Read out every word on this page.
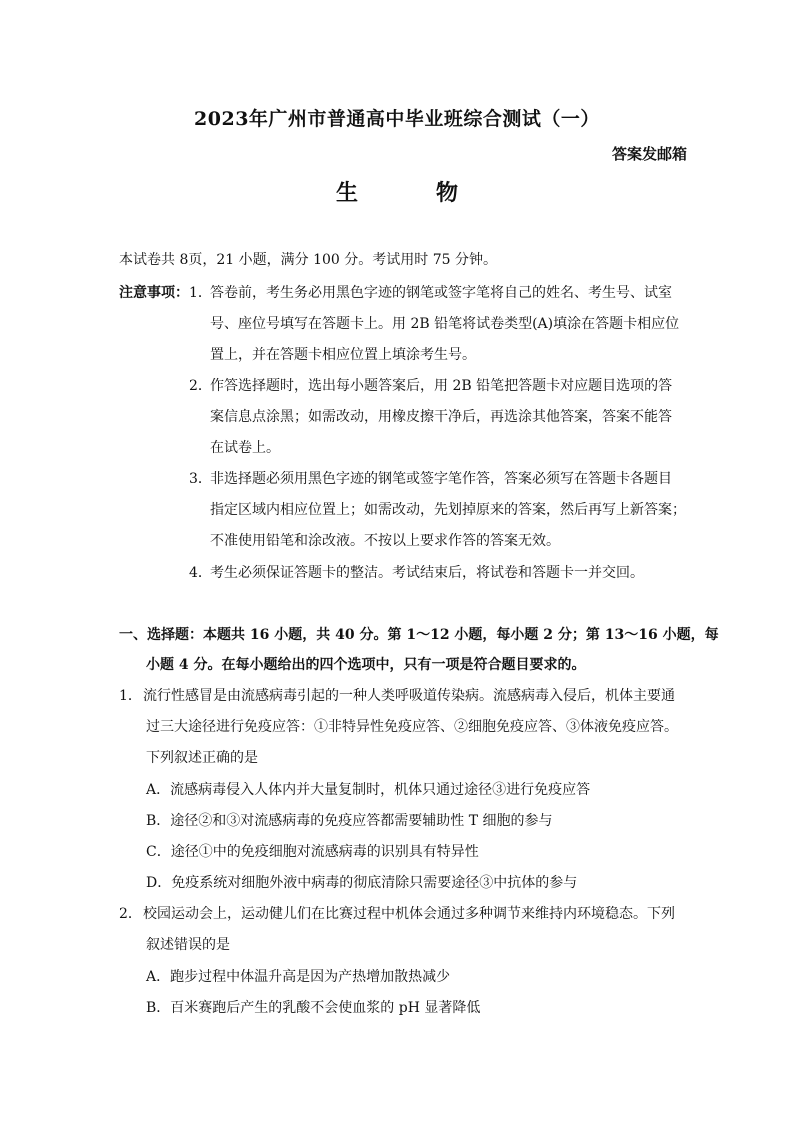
2023年广州市普通高中毕业班综合测试（一）
答案发邮箱
生　物
本试卷共 8页，21 小题，满分 100 分。考试用时 75 分钟。
注意事项： 1．
答卷前，考生务必用黑色字迹的钢笔或签字笔将自己的姓名、考生号、试室
号、座位号填写在答题卡上。用 2B 铅笔将试卷类型(A)填涂在答题卡相应位
置上，并在答题卡相应位置上填涂考生号。
2．
作答选择题时，选出每小题答案后，用 2B 铅笔把答题卡对应题目选项的答
案信息点涂黑；如需改动，用橡皮擦干净后，再选涂其他答案，答案不能答
在试卷上。
3．
非选择题必须用黑色字迹的钢笔或签字笔作答，答案必须写在答题卡各题目
指定区域内相应位置上；如需改动，先划掉原来的答案，然后再写上新答案；
不准使用铅笔和涂改液。不按以上要求作答的答案无效。
4．
考生必须保证答题卡的整洁。考试结束后，将试卷和答题卡一并交回。
一、选择题：本题共 16 小题，共 40 分。第 1～12 小题，每小题 2 分；第 13～16 小题，每
小题 4 分。在每小题给出的四个选项中，只有一项是符合题目要求的。
1． 流行性感冒是由流感病毒引起的一种人类呼吸道传染病。流感病毒入侵后，机体主要通
过三大途径进行免疫应答：①非特异性免疫应答、②细胞免疫应答、③体液免疫应答。
下列叙述正确的是
A．流感病毒侵入人体内并大量复制时，机体只通过途径③进行免疫应答
B．途径②和③对流感病毒的免疫应答都需要辅助性 T 细胞的参与
C．途径①中的免疫细胞对流感病毒的识别具有特异性
D．免疫系统对细胞外液中病毒的彻底清除只需要途径③中抗体的参与
2． 校园运动会上，运动健儿们在比赛过程中机体会通过多种调节来维持内环境稳态。下列
叙述错误的是
A．跑步过程中体温升高是因为产热增加散热减少
B．百米赛跑后产生的乳酸不会使血浆的 pH 显著降低
